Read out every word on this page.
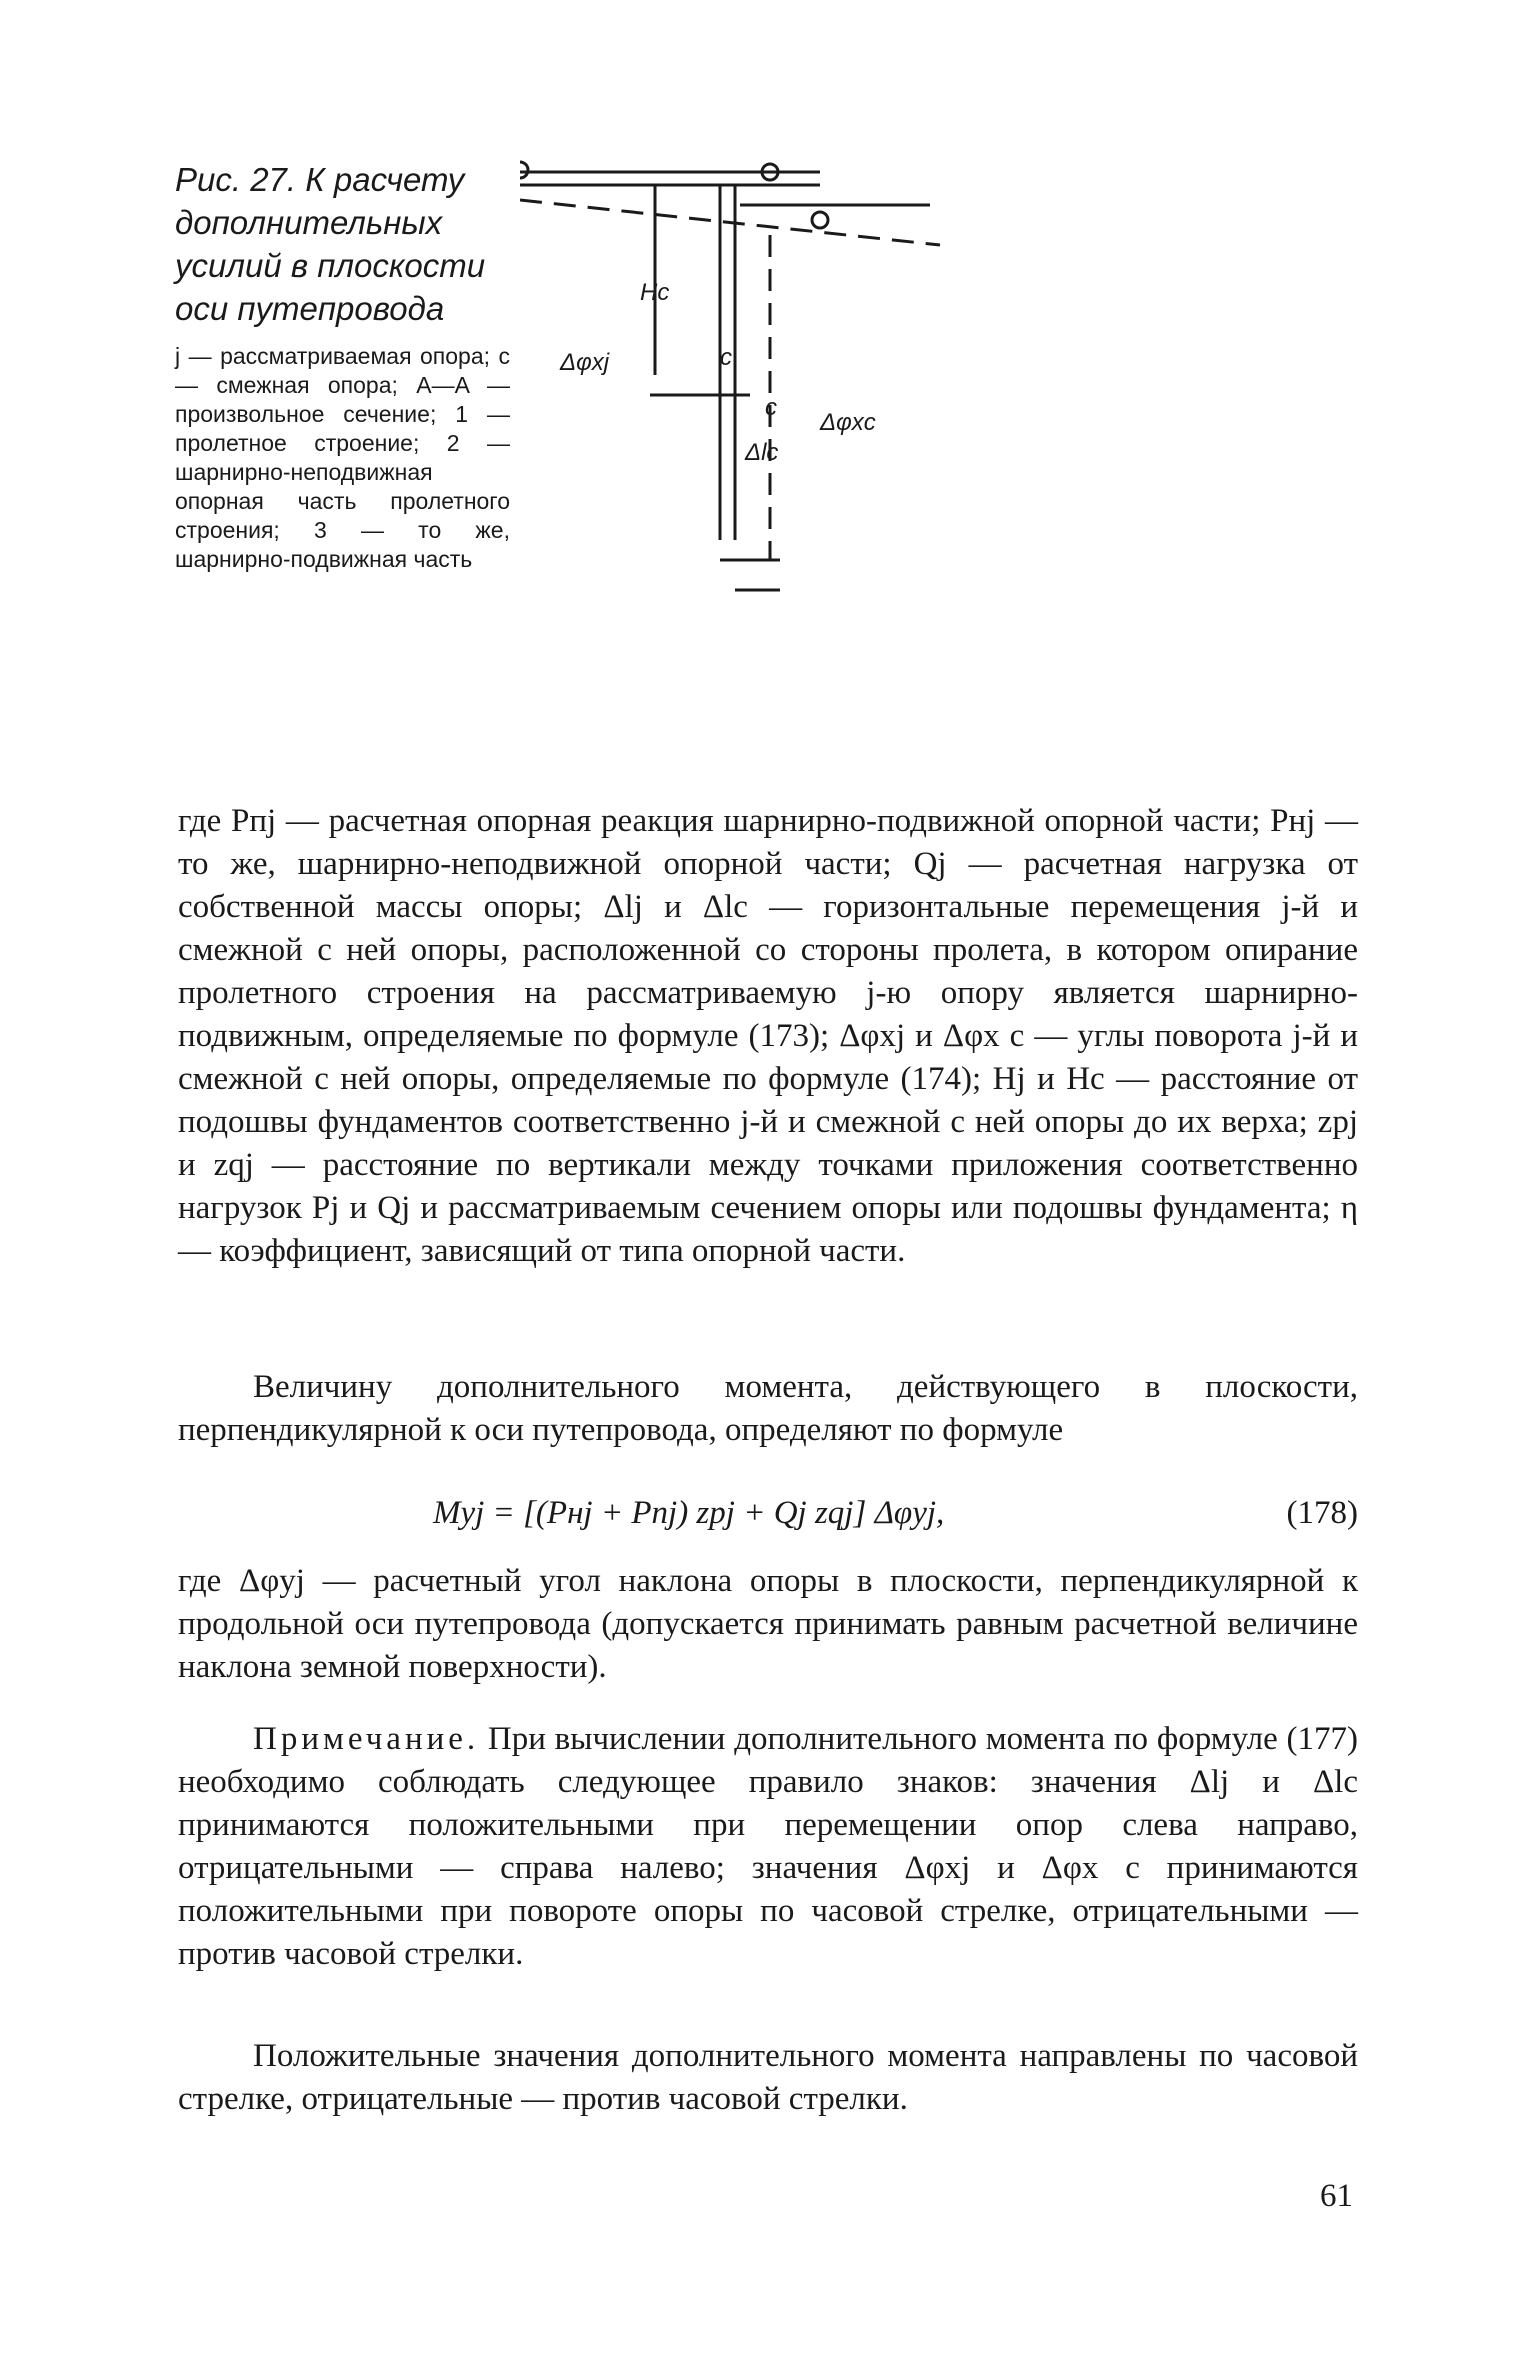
Рис. 27. К расчету дополнительных усилий в плоскости оси путепровода

j — рассматриваемая опора; c — смежная опора; A—A — произвольное сечение; 1 — пролетное строение; 2 — шарнирно-неподвижная опорная часть пролетного строения; 3 — то же, шарнирно-подвижная часть
Δφxj
Hc
c
c
Δφxc
Δlc

где Pпj — расчетная опорная реакция шарнирно-подвижной опорной части; Pнj — то же, шарнирно-неподвижной опорной части; Qj — расчетная нагрузка от собственной массы опоры; Δlj и Δlc — горизонтальные перемещения j-й и смежной с ней опоры, расположенной со стороны пролета, в котором опирание пролетного строения на рассматриваемую j-ю опору является шарнирно-подвижным, определяемые по формуле (173); Δφxj и Δφx c — углы поворота j-й и смежной с ней опоры, определяемые по формуле (174); Hj и Hc — расстояние от подошвы фундаментов соответственно j-й и смежной с ней опоры до их верха; zpj и zqj — расстояние по вертикали между точками приложения соответственно нагрузок Pj и Qj и рассматриваемым сечением опоры или подошвы фундамента; η — коэффициент, зависящий от типа опорной части.

Величину дополнительного момента, действующего в плоскости, перпендикулярной к оси путепровода, определяют по формуле

Myj = [(Pнj + Pпj) zpj + Qj zqj] Δφyj,	(178)

где Δφyj — расчетный угол наклона опоры в плоскости, перпендикулярной к продольной оси путепровода (допускается принимать равным расчетной величине наклона земной поверхности).

Примечание. При вычислении дополнительного момента по формуле (177) необходимо соблюдать следующее правило знаков: значения Δlj и Δlc принимаются положительными при перемещении опор слева направо, отрицательными — справа налево; значения Δφxj и Δφx c принимаются положительными при повороте опоры по часовой стрелке, отрицательными — против часовой стрелки.

Положительные значения дополнительного момента направлены по часовой стрелке, отрицательные — против часовой стрелки.

61
